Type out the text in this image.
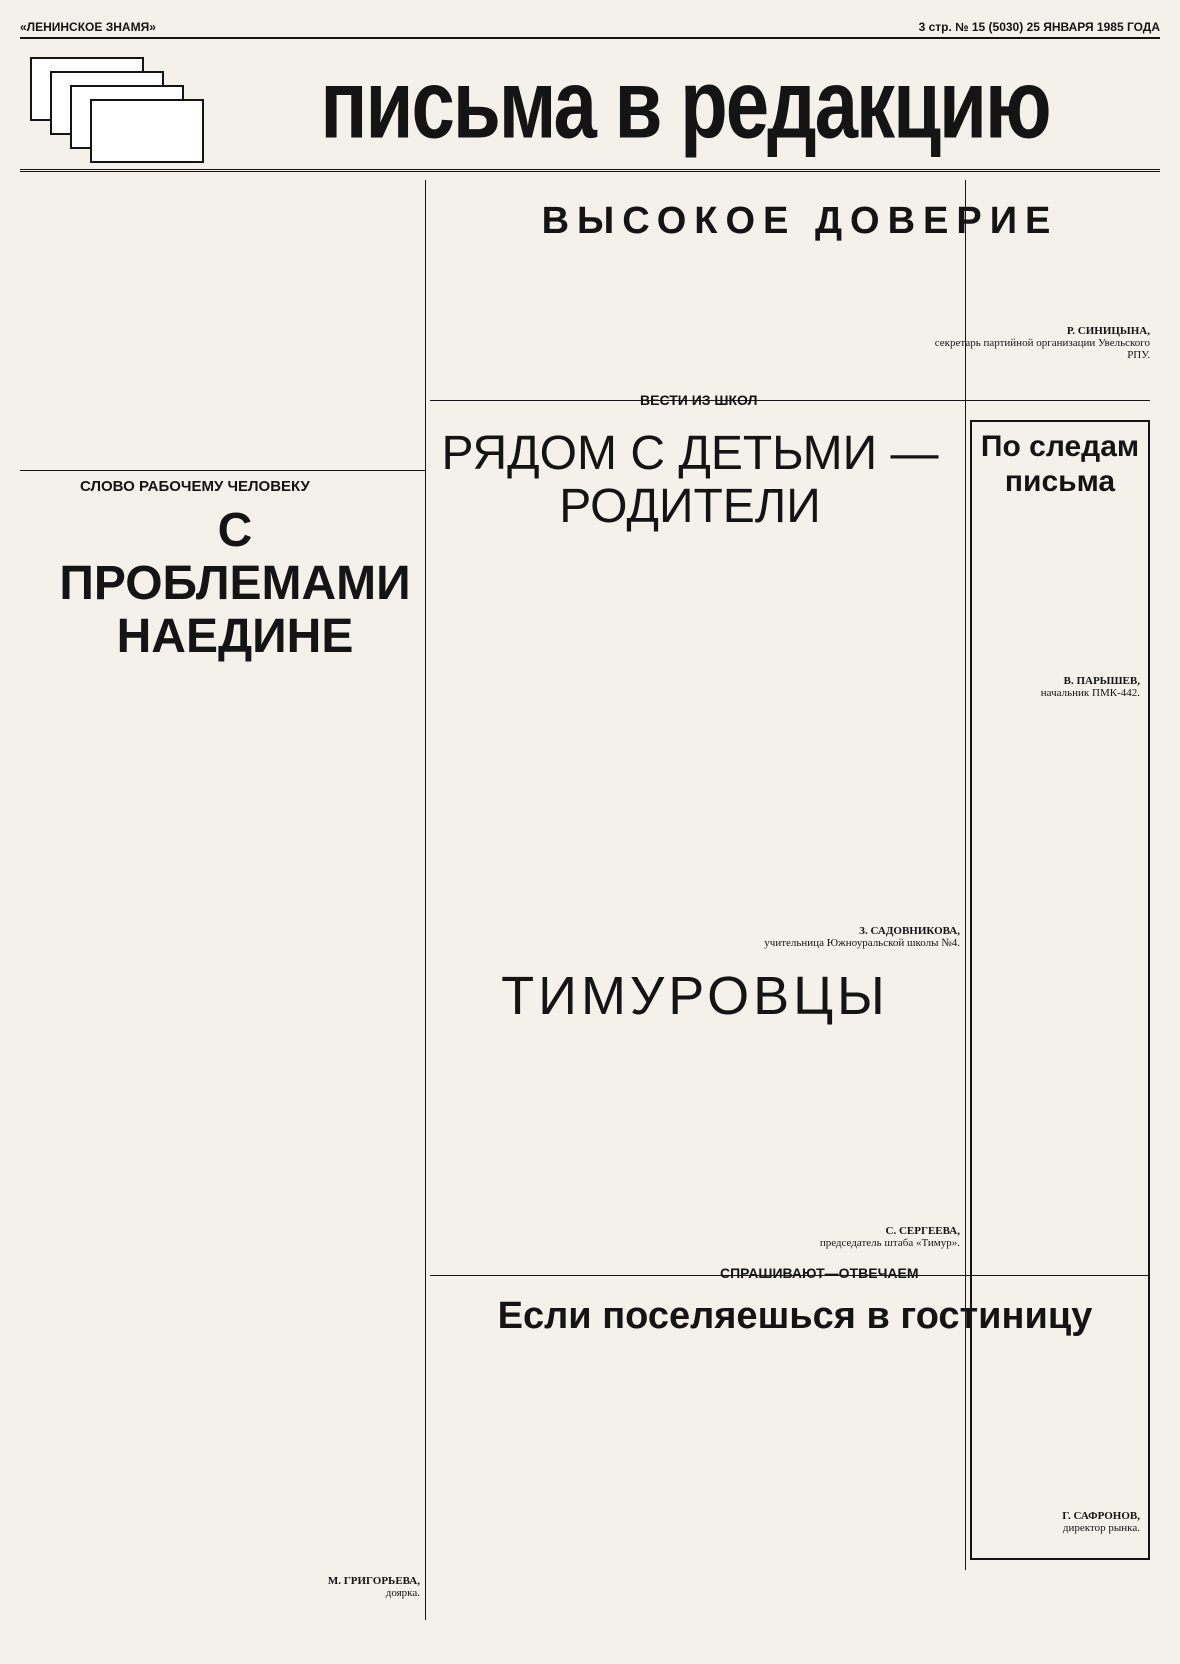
«ЛЕНИНСКОЕ ЗНАМЯ»	3 стр. № 15 (5030) 25 ЯНВАРЯ 1985 ГОДА
письма в редакцию
ВЫСОКОЕ ДОВЕРИЕ
Р. СИНИЦЫНА,
секретарь партийной организации Увельского РПУ.
СЛОВО РАБОЧЕМУ ЧЕЛОВЕКУ
С ПРОБЛЕМАМИ НАЕДИНЕ
М. ГРИГОРЬЕВА,
доярка.
ВЕСТИ ИЗ ШКОЛ
РЯДОМ С ДЕТЬМИ — РОДИТЕЛИ
З. САДОВНИКОВА,
учительница Южноуральской школы №4.
ТИМУРОВЦЫ
С. СЕРГЕЕВА,
председатель штаба «Тимур».
По следам письма
В. ПАРЫШЕВ,
начальник ПМК-442.
Г. САФРОНОВ,
директор рынка.
СПРАШИВАЮТ—ОТВЕЧАЕМ
Если поселяешься в гостиницу
